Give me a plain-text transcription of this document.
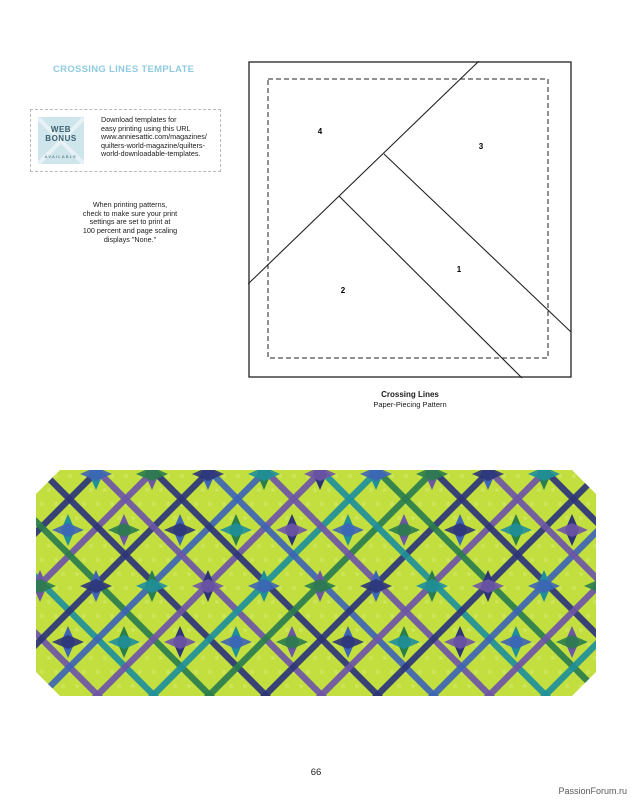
CROSSING LINES TEMPLATE
WEB
BONUS
AVAILABLE
Download templates for
easy printing using this URL
www.anniesattic.com/magazines/
quilters-world-magazine/quilters-
world-downloadable-templates.
When printing patterns,
check to make sure your print
settings are set to print at
100 percent and page scaling
displays "None."
4
3
1
2
Crossing Lines
Paper-Piecing Pattern
66
PassionForum.ru
